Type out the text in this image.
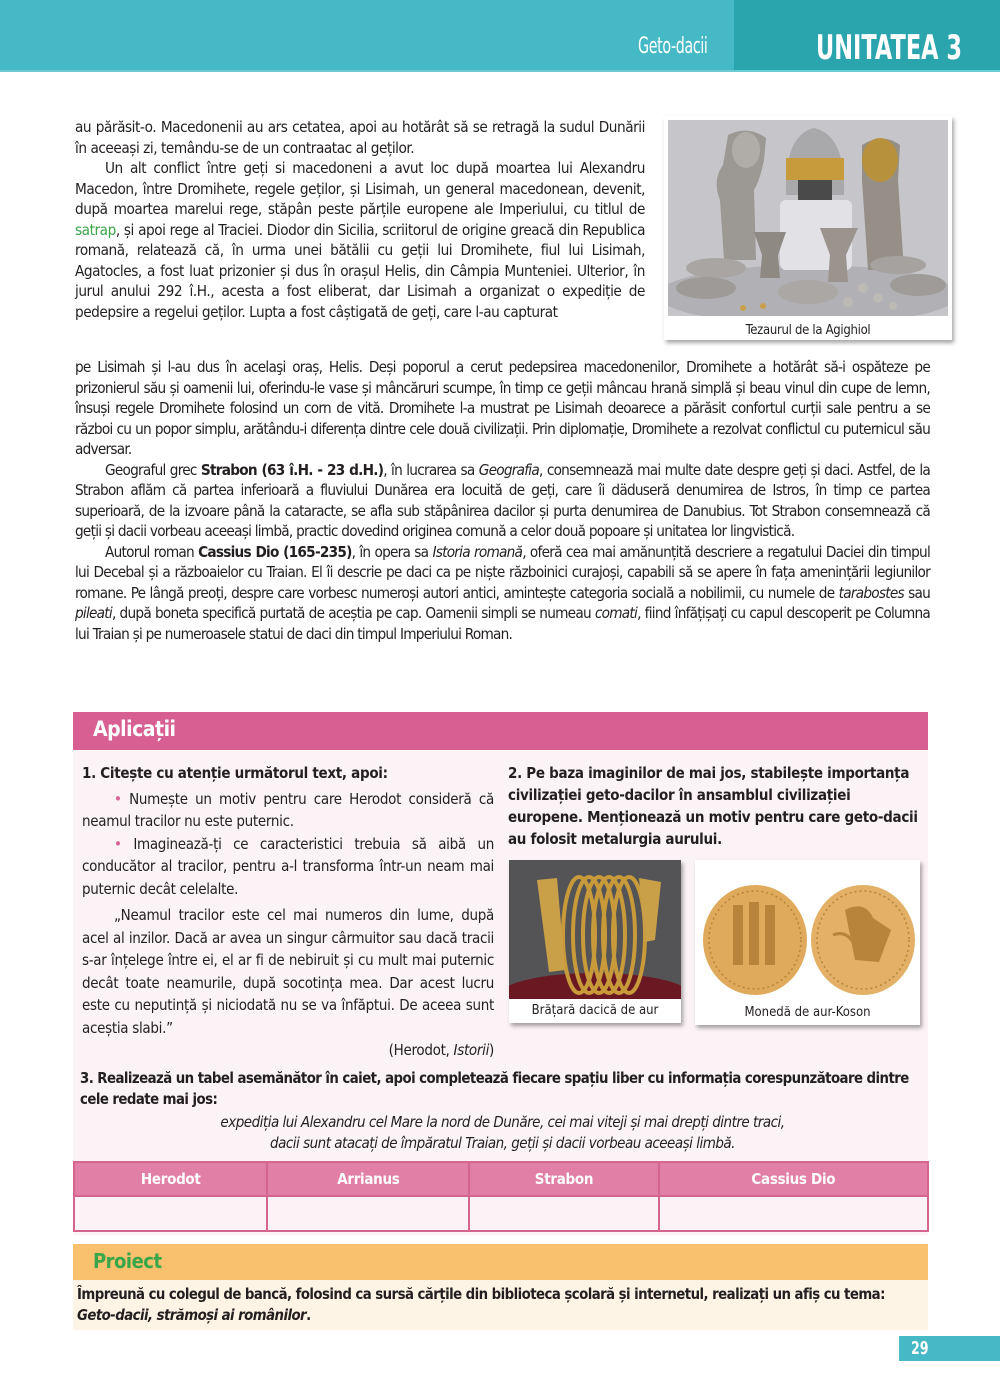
Geto-dacii	UNITATEA 3

au părăsit-o. Macedonenii au ars cetatea, apoi au hotărât să se retragă la sudul Dunării în aceeași zi, temându-se de un contraatac al geților.

Un alt conflict între geți si macedoneni a avut loc după moartea lui Alexandru Macedon, între Dromihete, regele geților, și Lisimah, un general macedonean, devenit, după moartea marelui rege, stăpân peste părțile europene ale Imperiului, cu titlul de satrap, și apoi rege al Traciei. Diodor din Sicilia, scriitorul de origine greacă din Republica romană, relatează că, în urma unei bătălii cu geții lui Dromihete, fiul lui Lisimah, Agatocles, a fost luat prizonier și dus în orașul Helis, din Câmpia Munteniei. Ulterior, în jurul anului 292 î.H., acesta a fost eliberat, dar Lisimah a organizat o expediție de pedepsire a regelui geților. Lupta a fost câștigată de geți, care l-au capturat

Tezaurul de la Agighiol

pe Lisimah și l-au dus în acelaşi oraș, Helis. Deși poporul a cerut pedepsirea macedonenilor, Dromihete a hotărât să-i ospăteze pe prizonierul său și oamenii lui, oferindu-le vase și mâncăruri scumpe, în timp ce geții mâncau hrană simplă și beau vinul din cupe de lemn, însuși regele Dromihete folosind un corn de vită. Dromihete l-a mustrat pe Lisimah deoarece a părăsit confortul curții sale pentru a se război cu un popor simplu, arătându-i diferența dintre cele două civilizații. Prin diplomație, Dromihete a rezolvat conflictul cu puternicul său adversar.

Geograful grec Strabon (63 î.H. - 23 d.H.), în lucrarea sa Geografia, consemnează mai multe date despre geți și daci. Astfel, de la Strabon aflăm că partea inferioară a fluviului Dunărea era locuită de geți, care îi däduseră denumirea de Istros, în timp ce partea superioară, de la izvoare până la cataracte, se afla sub stăpânirea dacilor și purta denumirea de Danubius. Tot Strabon consemnează că geții și dacii vorbeau aceeași limbă, practic dovedind originea comună a celor două popoare și unitatea lor lingvistică.

Autorul roman Cassius Dio (165-235), în opera sa Istoria romană, oferă cea mai amănunțită descriere a regatului Daciei din timpul lui Decebal și a războaielor cu Traian. El îi descrie pe daci ca pe niște războinici curajoși, capabili să se apere în fața amenințării legiunilor romane. Pe lângă preoți, despre care vorbesc numeroși autori antici, amintește categoria socială a nobilimii, cu numele de tarabostes sau pileati, după boneta specifică purtată de aceștia pe cap. Oamenii simpli se numeau comati, fiind înfățișați cu capul descoperit pe Columna lui Traian și pe numeroasele statui de daci din timpul Imperiului Roman.

Aplicații
1. Citește cu atenție următorul text, apoi:
• Numește un motiv pentru care Herodot consideră că neamul tracilor nu este puternic.
• Imaginează-ți ce caracteristici trebuia să aibă un conducător al tracilor, pentru a-l transforma într-un neam mai puternic decât celelalte.
„Neamul tracilor este cel mai numeros din lume, după acel al inzilor. Dacă ar avea un singur cârmuitor sau dacă tracii s-ar înțelege între ei, el ar fi de nebiruit și cu mult mai puternic decât toate neamurile, după socotința mea. Dar acest lucru este cu neputință și niciodată nu se va înfăptui. De aceea sunt aceștia slabi.”
(Herodot, Istorii)
2. Pe baza imaginilor de mai jos, stabilește importanța civilizației geto-dacilor în ansamblul civilizației europene. Menționează un motiv pentru care geto-dacii au folosit metalurgia aurului.
Brățară dacică de aur	Monedă de aur-Koson
3. Realizează un tabel asemănător în caiet, apoi completează fiecare spațiu liber cu informația corespunzătoare dintre cele redate mai jos:
expediția lui Alexandru cel Mare la nord de Dunăre, cei mai viteji și mai drepți dintre traci,
dacii sunt atacați de împăratul Traian, geții și dacii vorbeau aceeași limbă.
Herodot	Arrianus	Strabon	Cassius Dio

Proiect
Împreună cu colegul de bancă, folosind ca sursă cărțile din biblioteca școlară și internetul, realizați un afiș cu tema: Geto-dacii, strămoși ai românilor.
29
